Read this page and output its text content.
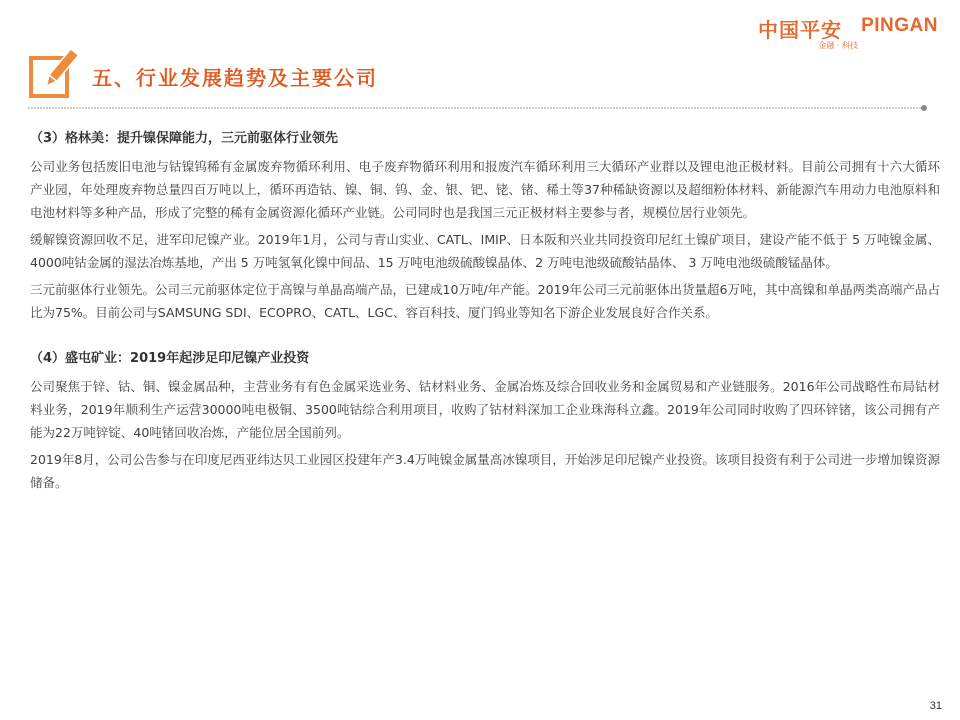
中国平安 PINGAN
金融 · 科技
五、行业发展趋势及主要公司
（3）格林美：提升镍保障能力，三元前驱体行业领先

公司业务包括废旧电池与钴镍钨稀有金属废弃物循环利用、电子废弃物循环利用和报废汽车循环利用三大循环产业群以及锂电池正极材料。目前公司拥有十六大循环产业园，年处理废弃物总量四百万吨以上，循环再造钴、镍、铜、钨、金、银、钯、铑、锗、稀土等37种稀缺资源以及超细粉体材料、新能源汽车用动力电池原料和电池材料等多种产品，形成了完整的稀有金属资源化循环产业链。公司同时也是我国三元正极材料主要参与者，规模位居行业领先。

缓解镍资源回收不足，进军印尼镍产业。2019年1月，公司与青山实业、CATL、IMIP、日本阪和兴业共同投资印尼红土镍矿项目，建设产能不低于 5 万吨镍金属、 4000吨钴金属的湿法冶炼基地，产出 5 万吨氢氧化镍中间品、15 万吨电池级硫酸镍晶体、2 万吨电池级硫酸钴晶体、 3 万吨电池级硫酸锰晶体。

三元前驱体行业领先。公司三元前驱体定位于高镍与单晶高端产品，已建成10万吨/年产能。2019年公司三元前驱体出货量超6万吨，其中高镍和单晶两类高端产品占比为75%。目前公司与SAMSUNG SDI、ECOPRO、CATL、LGC、容百科技、厦门钨业等知名下游企业发展良好合作关系。

（4）盛屯矿业：2019年起涉足印尼镍产业投资

公司聚焦于锌、钴、铜、镍金属品种，主营业务有有色金属采选业务、钴材料业务、金属冶炼及综合回收业务和金属贸易和产业链服务。2016年公司战略性布局钴材料业务，2019年顺利生产运营30000吨电极铜、3500吨钴综合利用项目，收购了钴材料深加工企业珠海科立鑫。2019年公司同时收购了四环锌锗，该公司拥有产能为22万吨锌锭、40吨锗回收冶炼，产能位居全国前列。

2019年8月，公司公告参与在印度尼西亚纬达贝工业园区投建年产3.4万吨镍金属量高冰镍项目，开始涉足印尼镍产业投资。该项目投资有利于公司进一步增加镍资源储备。

31
